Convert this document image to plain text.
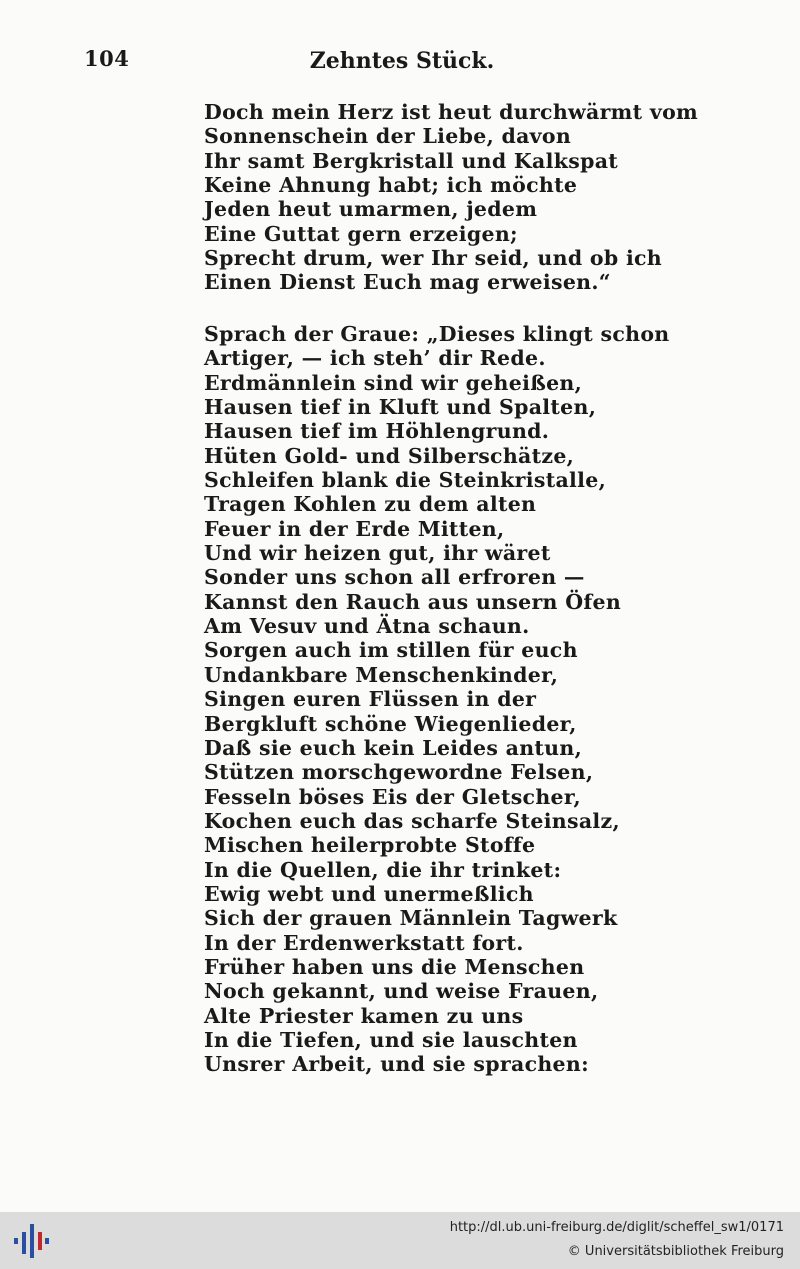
104	Zehntes Stück.
Doch mein Herz ist heut durchwärmt vom
Sonnenschein der Liebe, davon
Ihr samt Bergkristall und Kalkspat
Keine Ahnung habt; ich möchte
Jeden heut umarmen, jedem
Eine Guttat gern erzeigen;
Sprecht drum, wer Ihr seid, und ob ich
Einen Dienst Euch mag erweisen.“
Sprach der Graue: „Dieses klingt schon
Artiger, — ich steh’ dir Rede.
Erdmännlein sind wir geheißen,
Hausen tief in Kluft und Spalten,
Hausen tief im Höhlengrund.
Hüten Gold- und Silberschätze,
Schleifen blank die Steinkristalle,
Tragen Kohlen zu dem alten
Feuer in der Erde Mitten,
Und wir heizen gut, ihr wäret
Sonder uns schon all erfroren —
Kannst den Rauch aus unsern Öfen
Am Vesuv und Ätna schaun.
Sorgen auch im stillen für euch
Undankbare Menschenkinder,
Singen euren Flüssen in der
Bergkluft schöne Wiegenlieder,
Daß sie euch kein Leides antun,
Stützen morschgewordne Felsen,
Fesseln böses Eis der Gletscher,
Kochen euch das scharfe Steinsalz,
Mischen heilerprobte Stoffe
In die Quellen, die ihr trinket:
Ewig webt und unermeßlich
Sich der grauen Männlein Tagwerk
In der Erdenwerkstatt fort.
Früher haben uns die Menschen
Noch gekannt, und weise Frauen,
Alte Priester kamen zu uns
In die Tiefen, und sie lauschten
Unsrer Arbeit, und sie sprachen:
http://dl.ub.uni-freiburg.de/diglit/scheffel_sw1/0171
© Universitätsbibliothek Freiburg
